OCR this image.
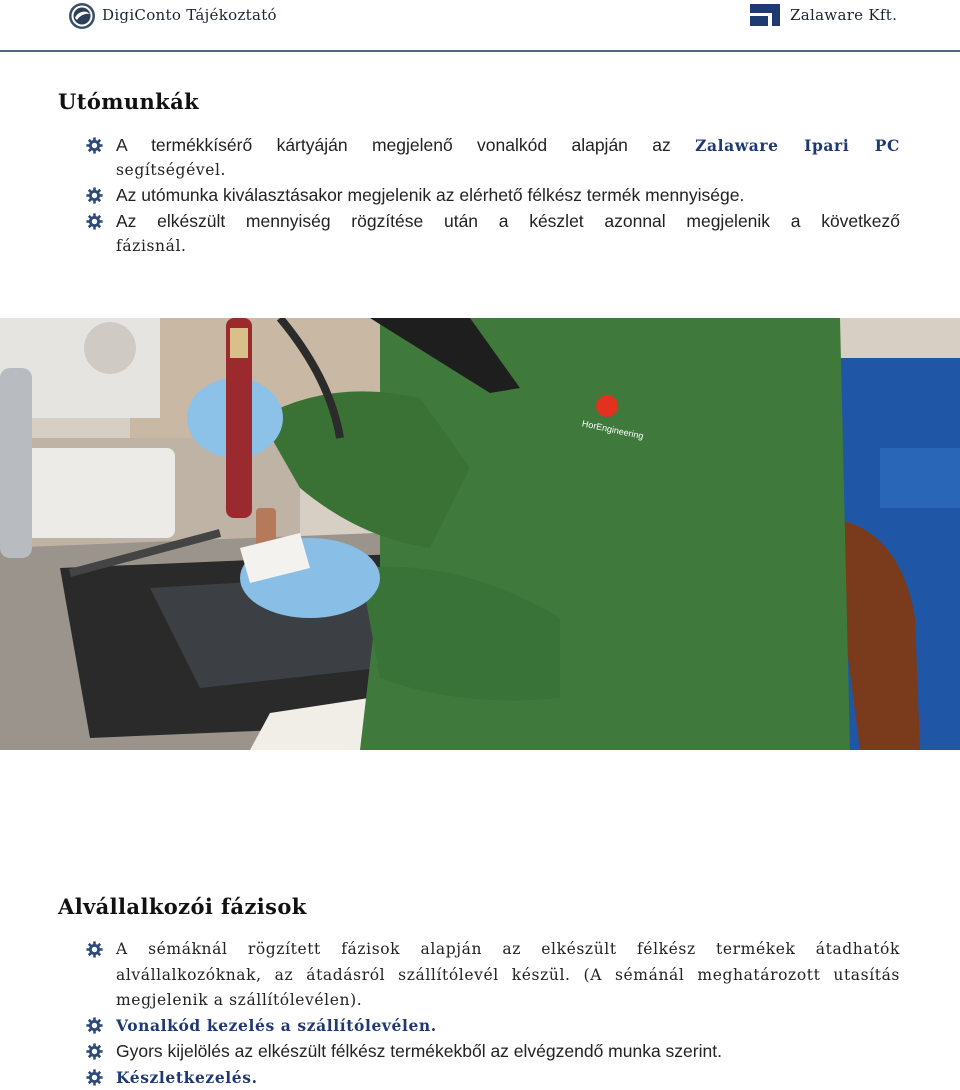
DigiConto Tájékoztató	Zalaware Kft.
Utómunkák
A termékkísérő kártyáján megjelenő vonalkód alapján az Zalaware Ipari PC
segítségével.
Az utómunka kiválasztásakor megjelenik az elérhető félkész termék mennyisége.
Az elkészült mennyiség rögzítése után a készlet azonnal megjelenik a következő
fázisnál.
HorEngineering
Alvállalkozói fázisok
A sémáknál rögzített fázisok alapján az elkészült félkész termékek átadhatók alvállalkozóknak, az átadásról szállítólevél készül. (A sémánál meghatározott utasítás megjelenik a szállítólevélen).
Vonalkód kezelés a szállítólevélen.
Gyors kijelölés az elkészült félkész termékekből az elvégzendő munka szerint.
Készletkezelés.
